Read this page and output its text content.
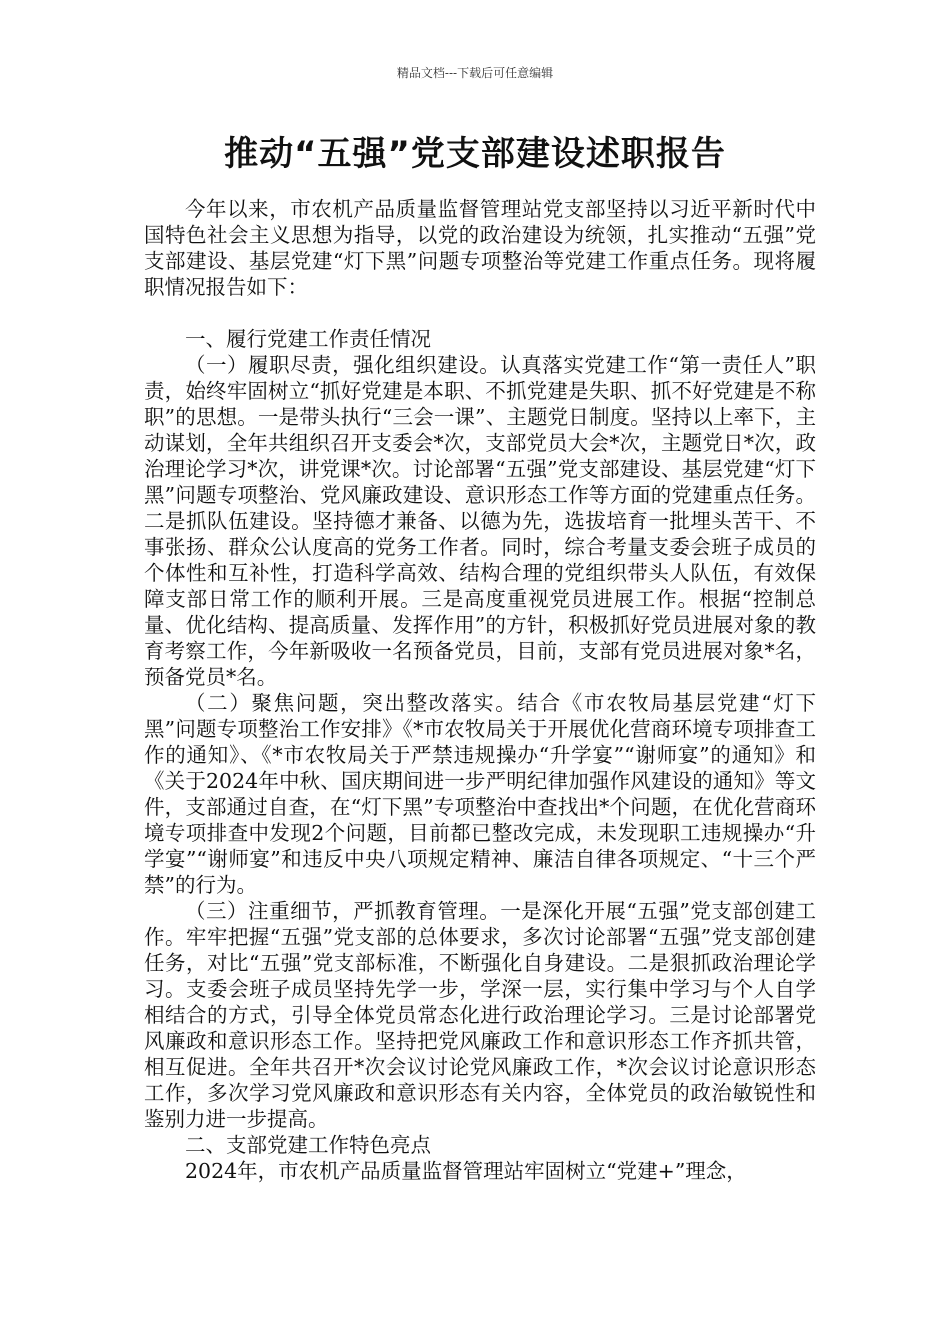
精品文档---下载后可任意编辑
推动“五强”党支部建设述职报告

今年以来，市农机产品质量监督管理站党支部坚持以习近平新时代中国特色社会主义思想为指导，以党的政治建设为统领，扎实推动“五强”党支部建设、基层党建“灯下黑”问题专项整治等党建工作重点任务。现将履职情况报告如下：

一、履行党建工作责任情况

（一）履职尽责，强化组织建设。认真落实党建工作“第一责任人”职责，始终牢固树立“抓好党建是本职、不抓党建是失职、抓不好党建是不称职”的思想。一是带头执行“三会一课”、主题党日制度。坚持以上率下，主动谋划，全年共组织召开支委会*次，支部党员大会*次，主题党日*次，政治理论学习*次，讲党课*次。讨论部署“五强”党支部建设、基层党建“灯下黑”问题专项整治、党风廉政建设、意识形态工作等方面的党建重点任务。二是抓队伍建设。坚持德才兼备、以德为先，选拔培育一批埋头苦干、不事张扬、群众公认度高的党务工作者。同时，综合考量支委会班子成员的个体性和互补性，打造科学高效、结构合理的党组织带头人队伍，有效保障支部日常工作的顺利开展。三是高度重视党员进展工作。根据“控制总量、优化结构、提高质量、发挥作用”的方针，积极抓好党员进展对象的教育考察工作，今年新吸收一名预备党员，目前，支部有党员进展对象*名，预备党员*名。

（二）聚焦问题，突出整改落实。结合《市农牧局基层党建“灯下黑”问题专项整治工作安排》《*市农牧局关于开展优化营商环境专项排查工作的通知》、《*市农牧局关于严禁违规操办“升学宴”“谢师宴”的通知》和《关于2024年中秋、国庆期间进一步严明纪律加强作风建设的通知》等文件，支部通过自查，在“灯下黑”专项整治中查找出*个问题，在优化营商环境专项排查中发现2个问题，目前都已整改完成，未发现职工违规操办“升学宴”“谢师宴”和违反中央八项规定精神、廉洁自律各项规定、“十三个严禁”的行为。

（三）注重细节，严抓教育管理。一是深化开展“五强”党支部创建工作。牢牢把握“五强”党支部的总体要求，多次讨论部署“五强”党支部创建任务，对比“五强”党支部标准，不断强化自身建设。二是狠抓政治理论学习。支委会班子成员坚持先学一步，学深一层，实行集中学习与个人自学相结合的方式，引导全体党员常态化进行政治理论学习。三是讨论部署党风廉政和意识形态工作。坚持把党风廉政工作和意识形态工作齐抓共管，相互促进。全年共召开*次会议讨论党风廉政工作，*次会议讨论意识形态工作，多次学习党风廉政和意识形态有关内容，全体党员的政治敏锐性和鉴别力进一步提高。

二、支部党建工作特色亮点

2024年，市农机产品质量监督管理站牢固树立“党建+”理念，
